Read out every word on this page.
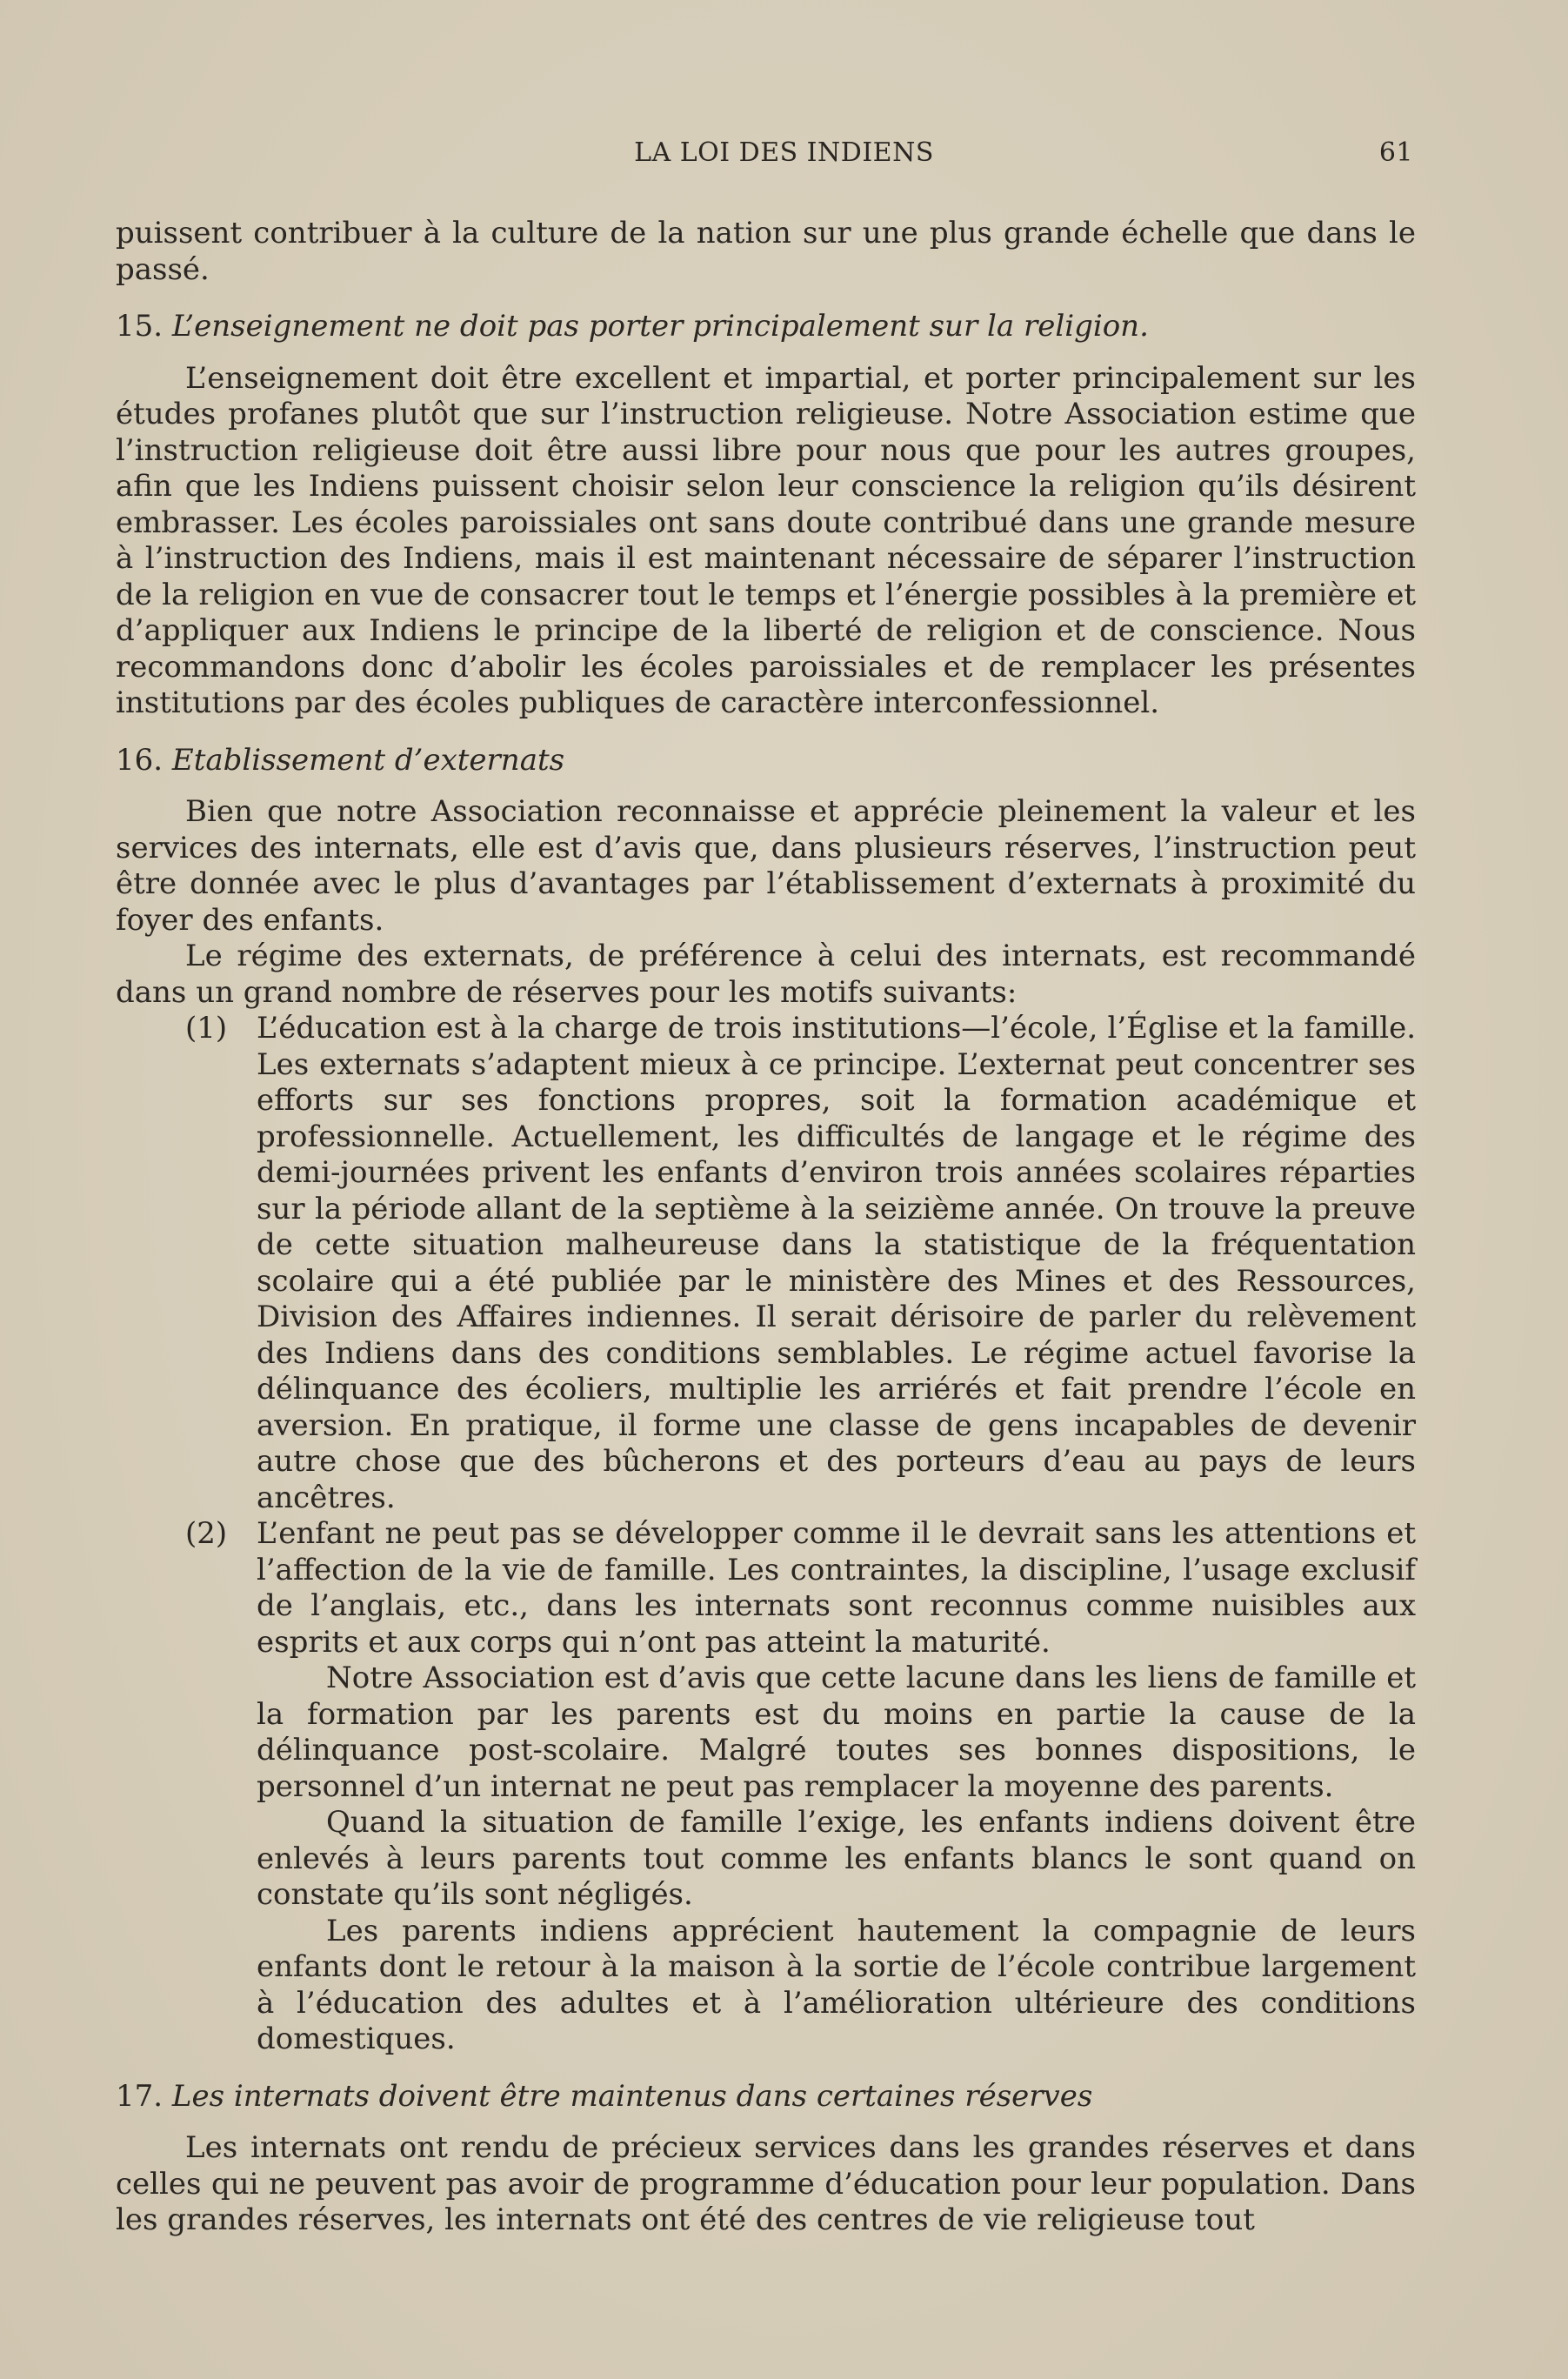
LA LOI DES INDIENS	61

puissent contribuer à la culture de la nation sur une plus grande échelle que dans le passé.

15. L’enseignement ne doit pas porter principalement sur la religion.

L’enseignement doit être excellent et impartial, et porter principalement sur les études profanes plutôt que sur l’instruction religieuse. Notre Association estime que l’instruction religieuse doit être aussi libre pour nous que pour les autres groupes, afin que les Indiens puissent choisir selon leur conscience la religion qu’ils désirent embrasser. Les écoles paroissiales ont sans doute contribué dans une grande mesure à l’instruction des Indiens, mais il est maintenant nécessaire de séparer l’instruction de la religion en vue de consacrer tout le temps et l’énergie possibles à la première et d’appliquer aux Indiens le principe de la liberté de religion et de conscience. Nous recommandons donc d’abolir les écoles paroissiales et de remplacer les présentes institutions par des écoles publiques de caractère interconfessionnel.

16. Etablissement d’externats

Bien que notre Association reconnaisse et apprécie pleinement la valeur et les services des internats, elle est d’avis que, dans plusieurs réserves, l’instruction peut être donnée avec le plus d’avantages par l’établissement d’externats à proximité du foyer des enfants.

Le régime des externats, de préférence à celui des internats, est recommandé dans un grand nombre de réserves pour les motifs suivants:

(1) L’éducation est à la charge de trois institutions—l’école, l’Église et la famille. Les externats s’adaptent mieux à ce principe. L’externat peut concentrer ses efforts sur ses fonctions propres, soit la formation académique et professionnelle. Actuellement, les difficultés de langage et le régime des demi-journées privent les enfants d’environ trois années scolaires réparties sur la période allant de la septième à la seizième année. On trouve la preuve de cette situation malheureuse dans la statistique de la fréquentation scolaire qui a été publiée par le ministère des Mines et des Ressources, Division des Affaires indiennes. Il serait dérisoire de parler du relèvement des Indiens dans des conditions semblables. Le régime actuel favorise la délinquance des écoliers, multiplie les arriérés et fait prendre l’école en aversion. En pratique, il forme une classe de gens incapables de devenir autre chose que des bûcherons et des porteurs d’eau au pays de leurs ancêtres.

(2) L’enfant ne peut pas se développer comme il le devrait sans les attentions et l’affection de la vie de famille. Les contraintes, la discipline, l’usage exclusif de l’anglais, etc., dans les internats sont reconnus comme nuisibles aux esprits et aux corps qui n’ont pas atteint la maturité.

Notre Association est d’avis que cette lacune dans les liens de famille et la formation par les parents est du moins en partie la cause de la délinquance post-scolaire. Malgré toutes ses bonnes dispositions, le personnel d’un internat ne peut pas remplacer la moyenne des parents.

Quand la situation de famille l’exige, les enfants indiens doivent être enlevés à leurs parents tout comme les enfants blancs le sont quand on constate qu’ils sont négligés.

Les parents indiens apprécient hautement la compagnie de leurs enfants dont le retour à la maison à la sortie de l’école contribue largement à l’éducation des adultes et à l’amélioration ultérieure des conditions domestiques.

17. Les internats doivent être maintenus dans certaines réserves

Les internats ont rendu de précieux services dans les grandes réserves et dans celles qui ne peuvent pas avoir de programme d’éducation pour leur population. Dans les grandes réserves, les internats ont été des centres de vie religieuse tout
